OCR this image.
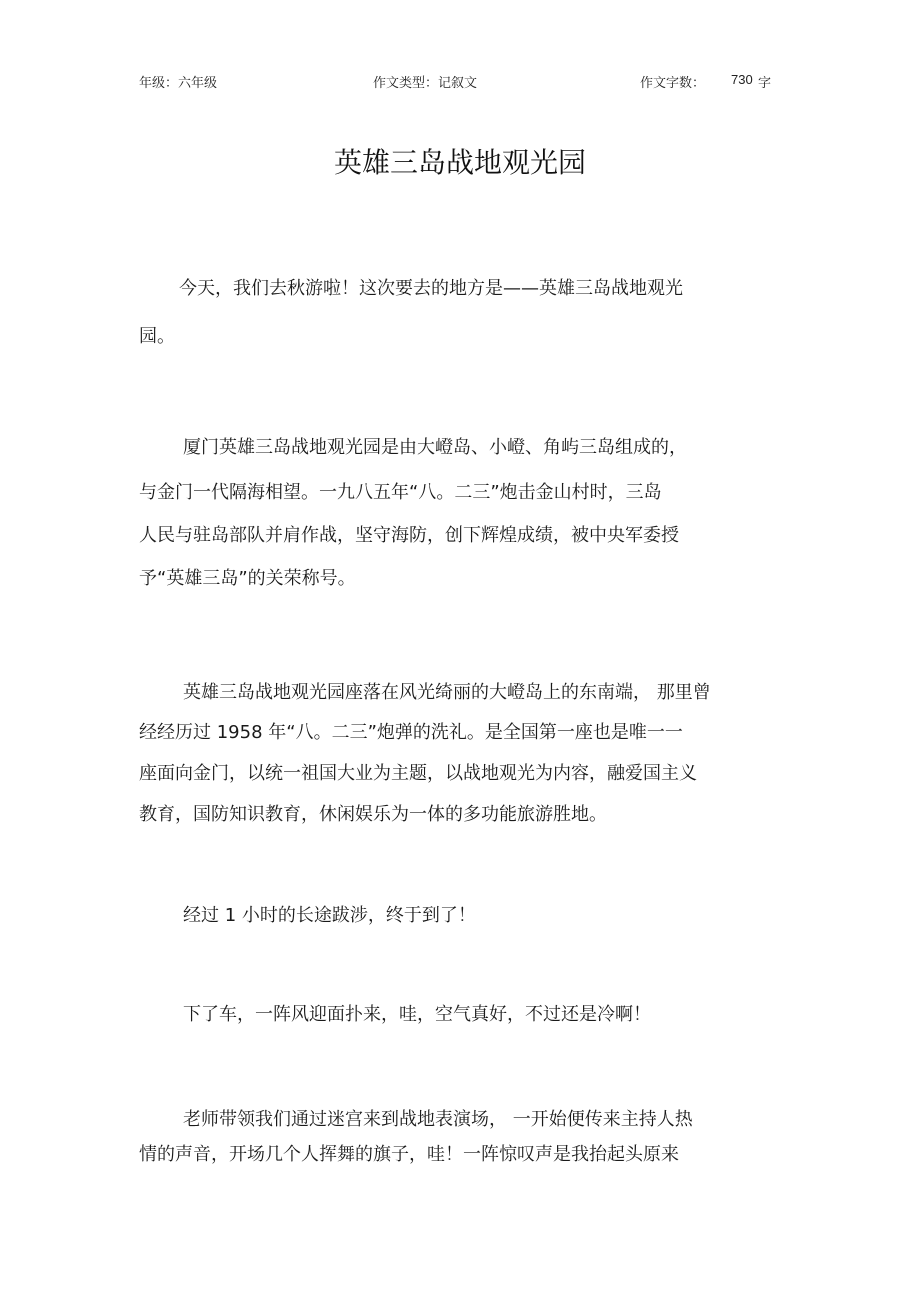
年级：六年级	作文类型：记叙文	作文字数： 730 字
英雄三岛战地观光园
今天，我们去秋游啦！这次要去的地方是——英雄三岛战地观光
园。
厦门英雄三岛战地观光园是由大嶝岛、小嶝、角屿三岛组成的，
与金门一代隔海相望。一九八五年“八。二三”炮击金山村时，三岛
人民与驻岛部队并肩作战，坚守海防，创下辉煌成绩，被中央军委授
予“英雄三岛”的关荣称号。
英雄三岛战地观光园座落在风光绮丽的大嶝岛上的东南端， 那里曾
经经历过 1958 年“八。二三”炮弹的洗礼。是全国第一座也是唯一一
座面向金门，以统一祖国大业为主题，以战地观光为内容，融爱国主义
教育，国防知识教育，休闲娱乐为一体的多功能旅游胜地。
经过 1 小时的长途跋涉，终于到了！
下了车，一阵风迎面扑来，哇，空气真好，不过还是冷啊！
老师带领我们通过迷宫来到战地表演场， 一开始便传来主持人热
情的声音，开场几个人挥舞的旗子，哇！一阵惊叹声是我抬起头原来
